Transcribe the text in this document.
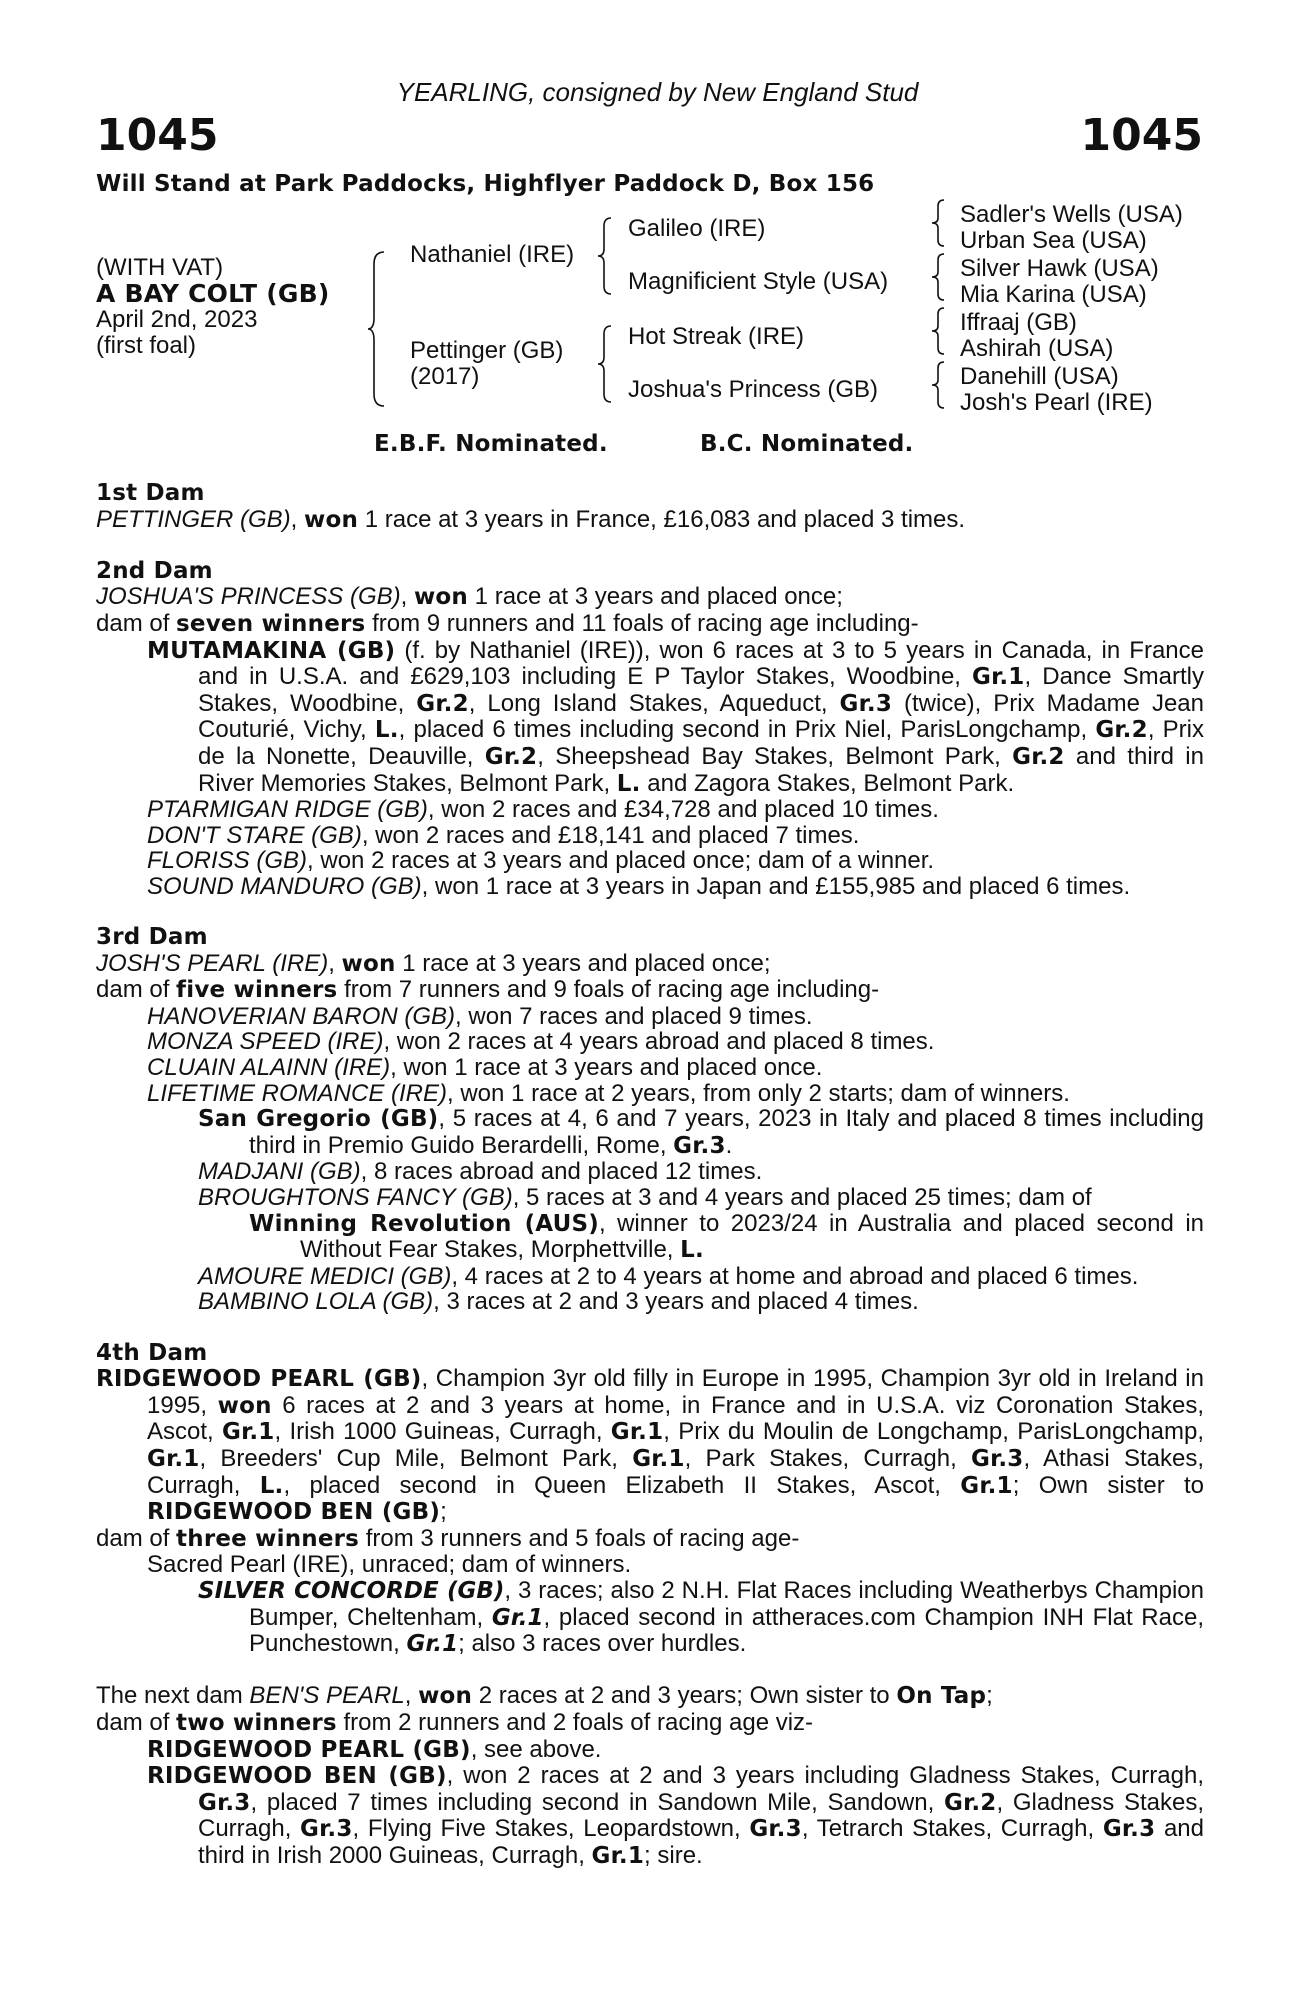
YEARLING, consigned by New England Stud
1045	1045
Will Stand at Park Paddocks, Highflyer Paddock D, Box 156
(WITH VAT)
A BAY COLT (GB)
April 2nd, 2023
(first foal)
Nathaniel (IRE)
Pettinger (GB)
(2017)
Galileo (IRE)
Magnificient Style (USA)
Hot Streak (IRE)
Joshua's Princess (GB)
Sadler's Wells (USA)
Urban Sea (USA)
Silver Hawk (USA)
Mia Karina (USA)
Iffraaj (GB)
Ashirah (USA)
Danehill (USA)
Josh's Pearl (IRE)
E.B.F. Nominated.	B.C. Nominated.
1st Dam
PETTINGER (GB), won 1 race at 3 years in France, £16,083 and placed 3 times.
2nd Dam
JOSHUA'S PRINCESS (GB), won 1 race at 3 years and placed once;
dam of seven winners from 9 runners and 11 foals of racing age including-
MUTAMAKINA (GB) (f. by Nathaniel (IRE)), won 6 races at 3 to 5 years in Canada, in France and in U.S.A. and £629,103 including E P Taylor Stakes, Woodbine, Gr.1, Dance Smartly Stakes, Woodbine, Gr.2, Long Island Stakes, Aqueduct, Gr.3 (twice), Prix Madame Jean Couturié, Vichy, L., placed 6 times including second in Prix Niel, ParisLongchamp, Gr.2, Prix de la Nonette, Deauville, Gr.2, Sheepshead Bay Stakes, Belmont Park, Gr.2 and third in River Memories Stakes, Belmont Park, L. and Zagora Stakes, Belmont Park.
PTARMIGAN RIDGE (GB), won 2 races and £34,728 and placed 10 times.
DON'T STARE (GB), won 2 races and £18,141 and placed 7 times.
FLORISS (GB), won 2 races at 3 years and placed once; dam of a winner.
SOUND MANDURO (GB), won 1 race at 3 years in Japan and £155,985 and placed 6 times.
3rd Dam
JOSH'S PEARL (IRE), won 1 race at 3 years and placed once;
dam of five winners from 7 runners and 9 foals of racing age including-
HANOVERIAN BARON (GB), won 7 races and placed 9 times.
MONZA SPEED (IRE), won 2 races at 4 years abroad and placed 8 times.
CLUAIN ALAINN (IRE), won 1 race at 3 years and placed once.
LIFETIME ROMANCE (IRE), won 1 race at 2 years, from only 2 starts; dam of winners.
San Gregorio (GB), 5 races at 4, 6 and 7 years, 2023 in Italy and placed 8 times including third in Premio Guido Berardelli, Rome, Gr.3.
MADJANI (GB), 8 races abroad and placed 12 times.
BROUGHTONS FANCY (GB), 5 races at 3 and 4 years and placed 25 times; dam of
Winning Revolution (AUS), winner to 2023/24 in Australia and placed second in Without Fear Stakes, Morphettville, L.
AMOURE MEDICI (GB), 4 races at 2 to 4 years at home and abroad and placed 6 times.
BAMBINO LOLA (GB), 3 races at 2 and 3 years and placed 4 times.
4th Dam
RIDGEWOOD PEARL (GB), Champion 3yr old filly in Europe in 1995, Champion 3yr old in Ireland in 1995, won 6 races at 2 and 3 years at home, in France and in U.S.A. viz Coronation Stakes, Ascot, Gr.1, Irish 1000 Guineas, Curragh, Gr.1, Prix du Moulin de Longchamp, ParisLongchamp, Gr.1, Breeders' Cup Mile, Belmont Park, Gr.1, Park Stakes, Curragh, Gr.3, Athasi Stakes, Curragh, L., placed second in Queen Elizabeth II Stakes, Ascot, Gr.1; Own sister to RIDGEWOOD BEN (GB);
dam of three winners from 3 runners and 5 foals of racing age-
Sacred Pearl (IRE), unraced; dam of winners.
SILVER CONCORDE (GB), 3 races; also 2 N.H. Flat Races including Weatherbys Champion Bumper, Cheltenham, Gr.1, placed second in attheraces.com Champion INH Flat Race, Punchestown, Gr.1; also 3 races over hurdles.
The next dam BEN'S PEARL, won 2 races at 2 and 3 years; Own sister to On Tap;
dam of two winners from 2 runners and 2 foals of racing age viz-
RIDGEWOOD PEARL (GB), see above.
RIDGEWOOD BEN (GB), won 2 races at 2 and 3 years including Gladness Stakes, Curragh, Gr.3, placed 7 times including second in Sandown Mile, Sandown, Gr.2, Gladness Stakes, Curragh, Gr.3, Flying Five Stakes, Leopardstown, Gr.3, Tetrarch Stakes, Curragh, Gr.3 and third in Irish 2000 Guineas, Curragh, Gr.1; sire.
